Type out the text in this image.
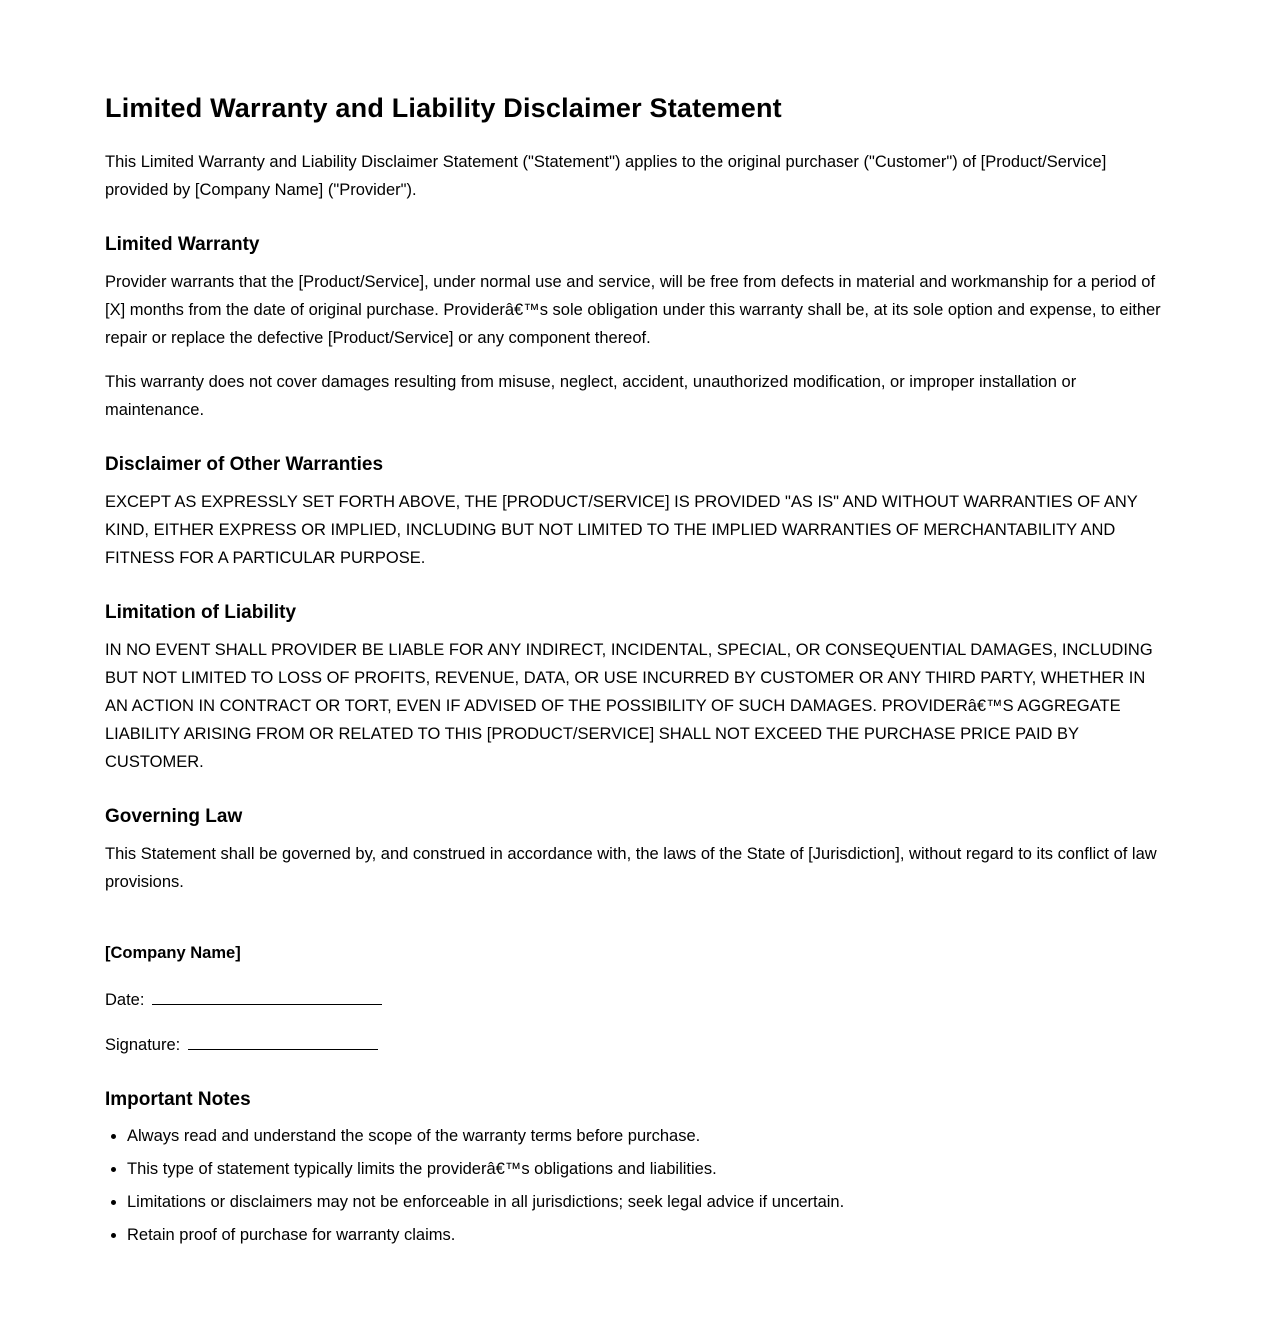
Limited Warranty and Liability Disclaimer Statement

This Limited Warranty and Liability Disclaimer Statement ("Statement") applies to the original purchaser ("Customer") of [Product/Service] provided by [Company Name] ("Provider").

Limited Warranty

Provider warrants that the [Product/Service], under normal use and service, will be free from defects in material and workmanship for a period of [X] months from the date of original purchase. Providerâ€™s sole obligation under this warranty shall be, at its sole option and expense, to either repair or replace the defective [Product/Service] or any component thereof.

This warranty does not cover damages resulting from misuse, neglect, accident, unauthorized modification, or improper installation or maintenance.

Disclaimer of Other Warranties

EXCEPT AS EXPRESSLY SET FORTH ABOVE, THE [PRODUCT/SERVICE] IS PROVIDED "AS IS" AND WITHOUT WARRANTIES OF ANY KIND, EITHER EXPRESS OR IMPLIED, INCLUDING BUT NOT LIMITED TO THE IMPLIED WARRANTIES OF MERCHANTABILITY AND FITNESS FOR A PARTICULAR PURPOSE.

Limitation of Liability

IN NO EVENT SHALL PROVIDER BE LIABLE FOR ANY INDIRECT, INCIDENTAL, SPECIAL, OR CONSEQUENTIAL DAMAGES, INCLUDING BUT NOT LIMITED TO LOSS OF PROFITS, REVENUE, DATA, OR USE INCURRED BY CUSTOMER OR ANY THIRD PARTY, WHETHER IN AN ACTION IN CONTRACT OR TORT, EVEN IF ADVISED OF THE POSSIBILITY OF SUCH DAMAGES. PROVIDERâ€™S AGGREGATE LIABILITY ARISING FROM OR RELATED TO THIS [PRODUCT/SERVICE] SHALL NOT EXCEED THE PURCHASE PRICE PAID BY CUSTOMER.

Governing Law

This Statement shall be governed by, and construed in accordance with, the laws of the State of [Jurisdiction], without regard to its conflict of law provisions.

[Company Name]
Date:
Signature:
Important Notes
• Always read and understand the scope of the warranty terms before purchase.
• This type of statement typically limits the providerâ€™s obligations and liabilities.
• Limitations or disclaimers may not be enforceable in all jurisdictions; seek legal advice if uncertain.
• Retain proof of purchase for warranty claims.
